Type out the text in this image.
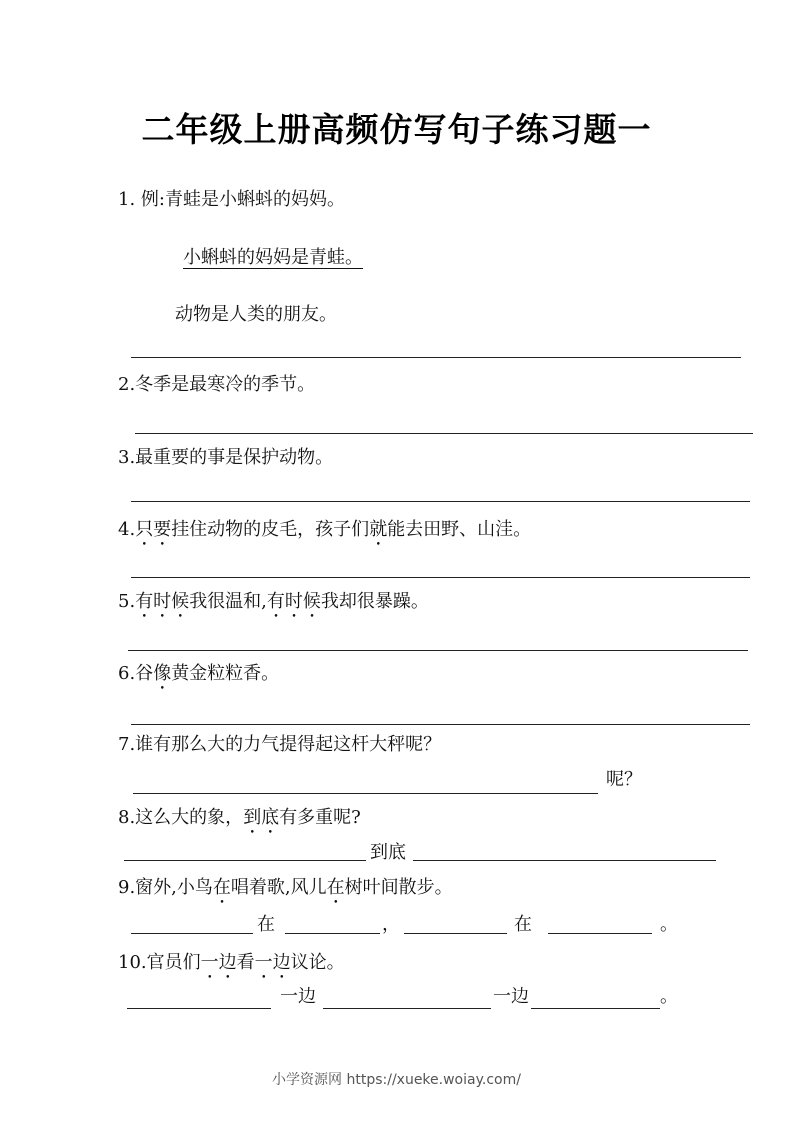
二年级上册高频仿写句子练习题一
1. 例:青蛙是小蝌蚪的妈妈。
小蝌蚪的妈妈是青蛙。
动物是人类的朋友。
2.冬季是最寒冷的季节。
3.最重要的事是保护动物。
4.只要挂住动物的皮毛，孩子们就能去田野、山洼。
5.有时候我很温和,有时候我却很暴躁。
6.谷像黄金粒粒香。
7.谁有那么大的力气提得起这杆大秤呢？
呢？
8.这么大的象，到底有多重呢?
到底
9.窗外,小鸟在唱着歌,风儿在树叶间散步。
在	，	在	。
10.官员们一边看一边议论。
一边	一边	。
小学资源网 https://xueke.woiay.com/
